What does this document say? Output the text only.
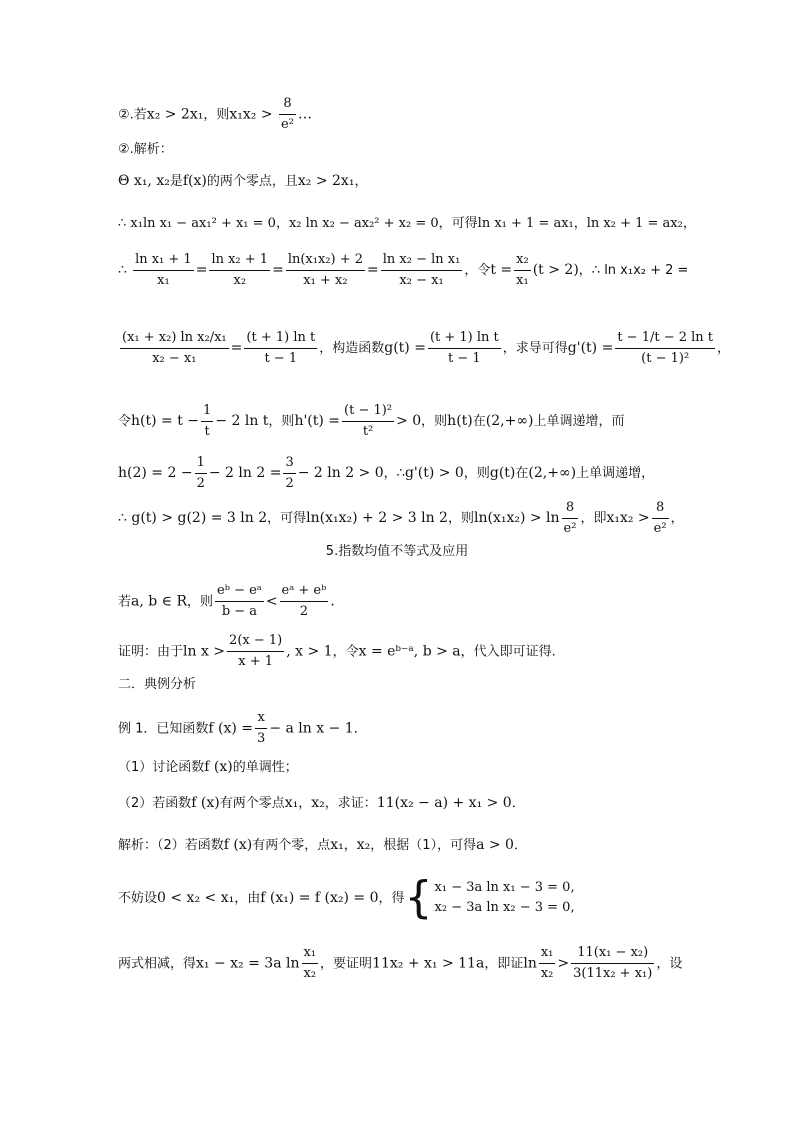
②.若x₂ > 2x₁，则$x_1x_2 > \frac{8}{\text{e²}}$ …
②.解析：
Θ x₁, x₂是f(x)的两个零点，且x₂ > 2x₁，
∴ x₁ln x₁ − ax₁² + x₁ = 0，x₂ ln x₂ − ax₂² + x₂ = 0，可得ln x₁ + 1 = ax₁，ln x₂ + 1 = ax₂，
∴ $\frac{\text{ln x₁ + 1}}{\text{x₁}} = \frac{\text{ln x₂ + 1}}{\text{x₂}} = \frac{\text{ln(x₁x₂) + 2}}{\text{x₁ + x₂}} = \frac{\text{ln x₂ − ln x₁}}{\text{x₂ − x₁}}$ ，令$t = \frac{\text{x₂}}{\text{x₁}} (t > 2)$，∴ ln x₁x₂ + 2 =
$\frac{\text{(x₁ + x₂) ln x₂/x₁}}{\text{x₂ − x₁}} = \frac{\text{(t + 1) ln t}}{t - 1}$ ，构造函数$g(t) = \frac{\text{(t + 1) ln t}}{t - 1}$ ，求导可得$g'(t) = \frac{\text{t − 1/t − 2 ln t}}{\text{(t − 1)²}}$ ，
令$h(t) = t - \frac{1}{t} - 2$ ln t，则$h'(t) = \frac{\text{(t − 1)²}}{\text{t²}} > 0$，则h(t)在(2,+∞)上单调递增，而
$h(2) = 2 - \frac{1}{2} - 2$ $\ln 2 = \frac{3}{2} - 2$ ln 2 > 0，∴g'(t) > 0，则g(t)在(2,+∞)上单调递增，
∴ g(t) > g(2) = 3 ln 2，可得ln(x₁x₂) + 2 > 3 ln 2，则$\ln(x_1x_2) > \ln \frac{8}{\text{e²}}$ ，即$x_1x_2 > \frac{8}{\text{e²}}$ ，
5.指数均值不等式及应用
若a, b ∈ R，则 $\frac{\text{eᵇ − eᵃ}}{b - a} < \frac{\text{eᵃ + eᵇ}}{2}$ .
证明：由于$\ln x > \frac{2(x - 1)}{x + 1}$ , x > 1，令x = eᵇ⁻ᵃ, b > a，代入即可证得.
二．典例分析
例 1．已知函数f $(x) = \frac{x}{3} - a$ ln x − 1．
（1）讨论函数f (x)的单调性；
（2）若函数f (x)有两个零点x₁，x₂，求证：11(x₂ − a) + x₁ > 0．
解析：（2）若函数f (x)有两个零，点x₁，x₂，根据（1），可得a > 0．
不妨设0 < x₂ < x₁，由f (x₁) = f (x₂) = 0，得{ x₁ − 3a ln x₁ − 3 = 0,
x₂ − 3a ln x₂ − 3 = 0,
两式相减，得x₁ − x₂ = 3a $\ln \frac{\text{x₁}}{\text{x₂}}$ ，要证明11x₂ + x₁ > 11a，即证$\ln \frac{\text{x₁}}{\text{x₂}} > \frac{\text{11(x₁ − x₂)}}{\text{3(11x₂ + x₁)}}$ ，设
